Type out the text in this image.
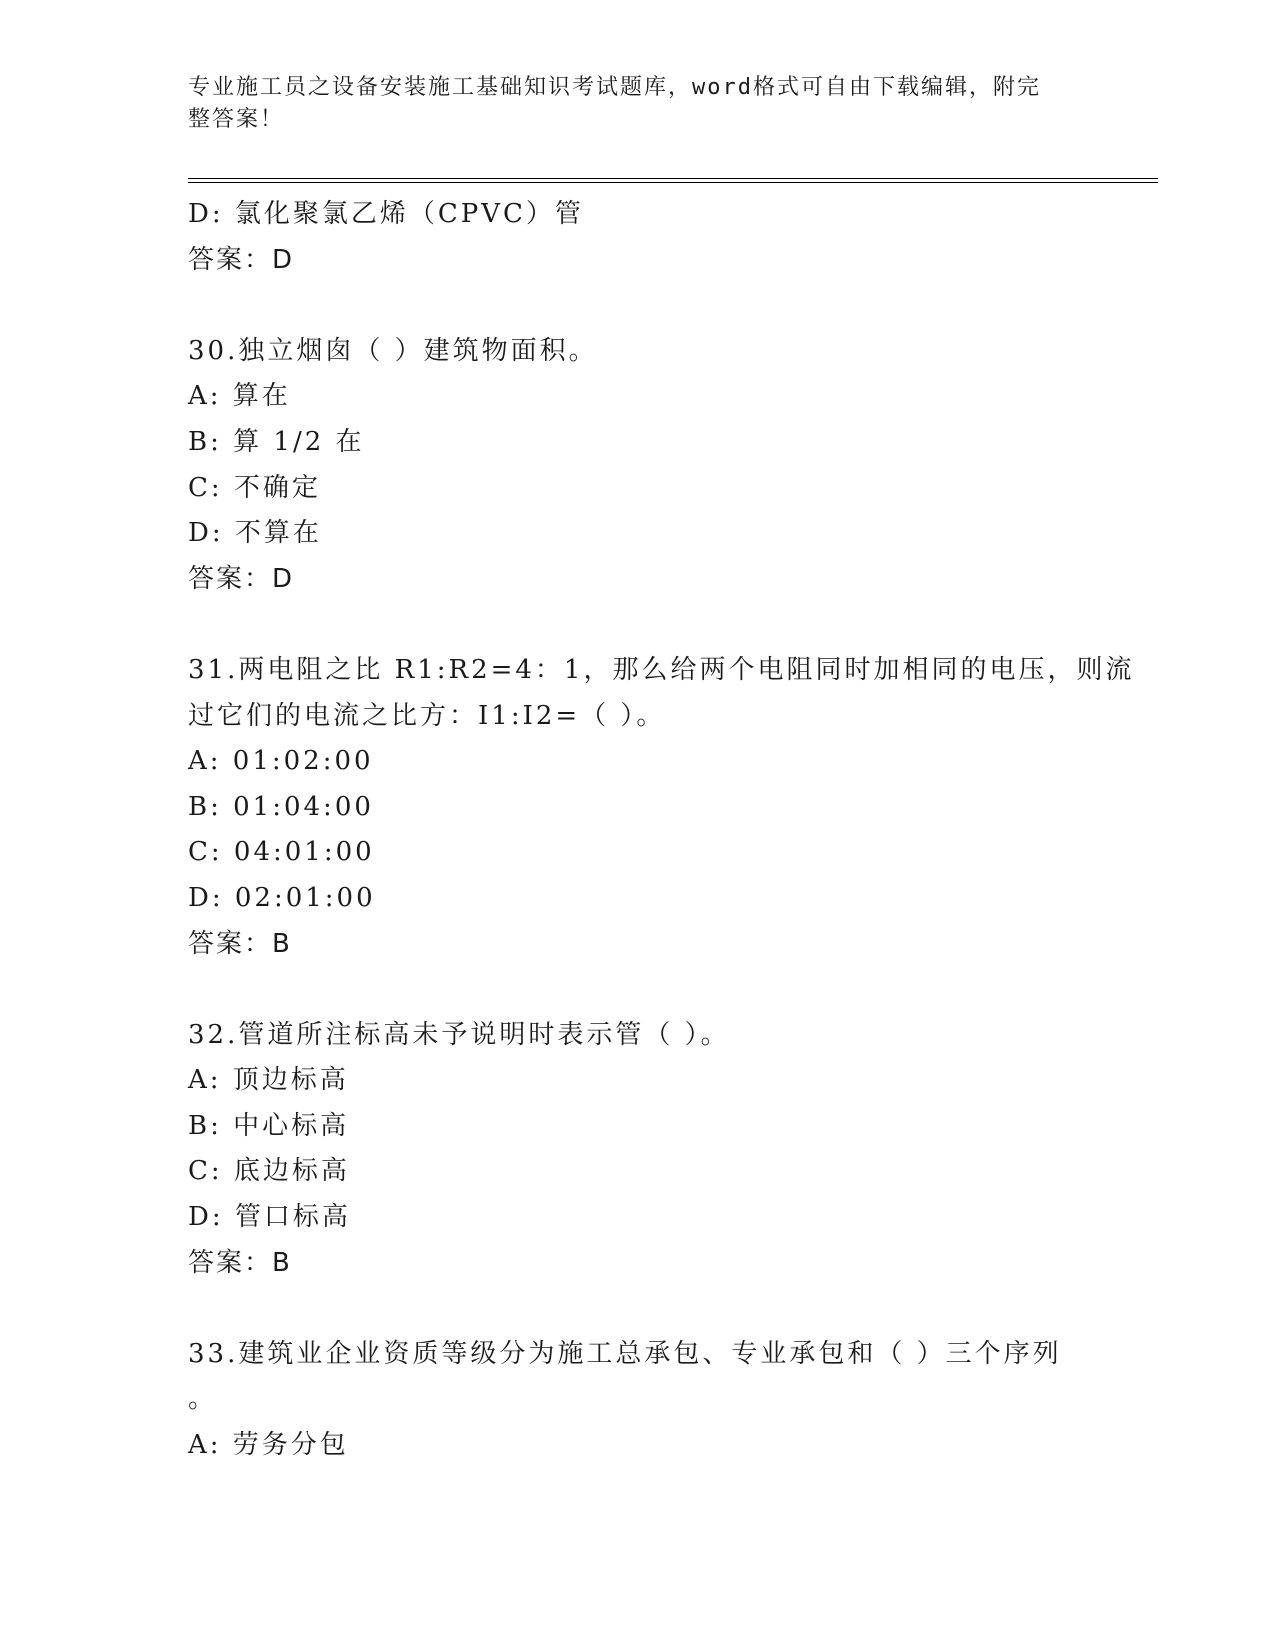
专业施工员之设备安装施工基础知识考试题库，word格式可自由下载编辑，附完
整答案！
D: 氯化聚氯乙烯（CPVC）管
答案：D
30.独立烟囱（ ）建筑物面积。
A: 算在
B: 算 1/2 在
C: 不确定
D: 不算在
答案：D
31.两电阻之比 R1:R2=4：1，那么给两个电阻同时加相同的电压，则流
过它们的电流之比方：I1:I2=（ ）。
A: 01:02:00
B: 01:04:00
C: 04:01:00
D: 02:01:00
答案：B
32.管道所注标高未予说明时表示管（ ）。
A: 顶边标高
B: 中心标高
C: 底边标高
D: 管口标高
答案：B
33.建筑业企业资质等级分为施工总承包、专业承包和（ ）三个序列
。
A: 劳务分包
